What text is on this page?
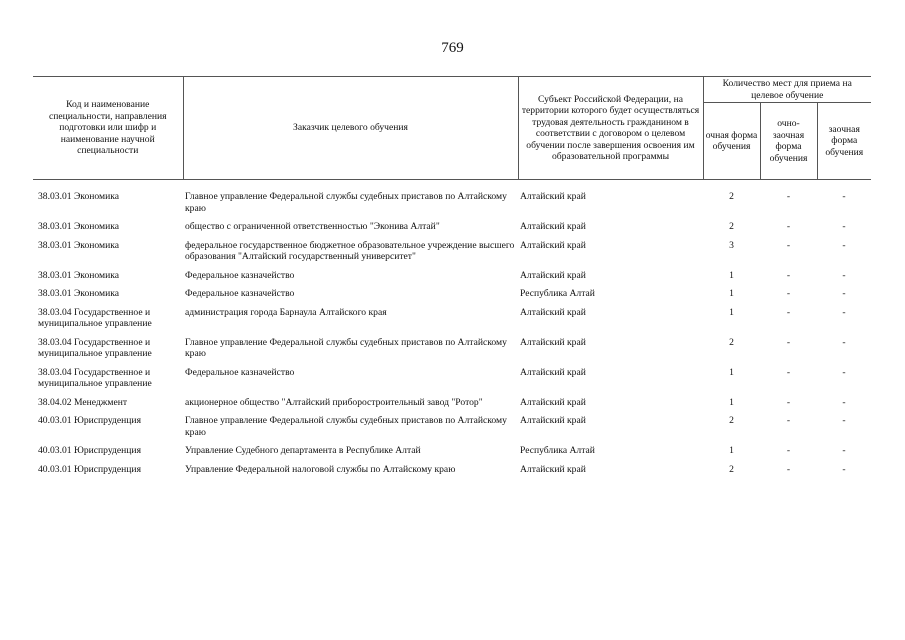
769
Код и наименование специальности, направления подготовки или шифр и наименование научной специальности	Заказчик целевого обучения	Субъект Российской Федерации, на территории которого будет осуществляться трудовая деятельность гражданином в соответствии с договором о целевом обучении после завершения освоения им образовательной программы	Количество мест для приема на целевое обучение		
			очная форма обучения	очно-заочная форма обучения	заочная форма обучения
38.03.01 Экономика	Главное управление Федеральной службы судебных приставов по Алтайскому краю	Алтайский край	2	-	-
38.03.01 Экономика	общество с ограниченной ответственностью "Эконива Алтай"	Алтайский край	2	-	-
38.03.01 Экономика	федеральное государственное бюджетное образовательное учреждение высшего образования "Алтайский государственный университет"	Алтайский край	3	-	-
38.03.01 Экономика	Федеральное казначейство	Алтайский край	1	-	-
38.03.01 Экономика	Федеральное казначейство	Республика Алтай	1	-	-
38.03.04 Государственное и муниципальное управление	администрация города Барнаула Алтайского края	Алтайский край	1	-	-
38.03.04 Государственное и муниципальное управление	Главное управление Федеральной службы судебных приставов по Алтайскому краю	Алтайский край	2	-	-
38.03.04 Государственное и муниципальное управление	Федеральное казначейство	Алтайский край	1	-	-
38.04.02 Менеджмент	акционерное общество "Алтайский приборостроительный завод "Ротор"	Алтайский край	1	-	-
40.03.01 Юриспруденция	Главное управление Федеральной службы судебных приставов по Алтайскому краю	Алтайский край	2	-	-
40.03.01 Юриспруденция	Управление Судебного департамента в Республике Алтай	Республика Алтай	1	-	-
40.03.01 Юриспруденция	Управление Федеральной налоговой службы по Алтайскому краю	Алтайский край	2	-	-
